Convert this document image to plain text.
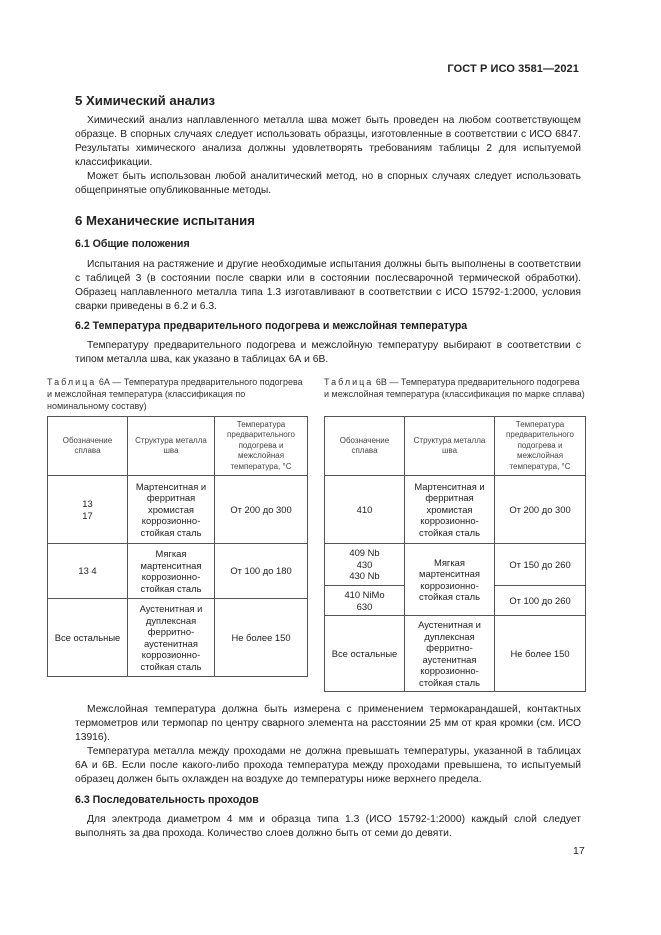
ГОСТ Р ИСО 3581—2021
5 Химический анализ
Химический анализ наплавленного металла шва может быть проведен на любом соответствующем образце. В спорных случаях следует использовать образцы, изготовленные в соответствии с ИСО 6847. Результаты химического анализа должны удовлетворять требованиям таблицы 2 для испытуемой классификации.
Может быть использован любой аналитический метод, но в спорных случаях следует использовать общепринятые опубликованные методы.
6 Механические испытания
6.1 Общие положения
Испытания на растяжение и другие необходимые испытания должны быть выполнены в соответствии с таблицей 3 (в состоянии после сварки или в состоянии послесварочной термической обработки). Образец наплавленного металла типа 1.3 изготавливают в соответствии с ИСО 15792-1:2000, условия сварки приведены в 6.2 и 6.3.
6.2 Температура предварительного подогрева и межслойная температура
Температуру предварительного подогрева и межслойную температуру выбирают в соответствии с типом металла шва, как указано в таблицах 6А и 6В.
Таблица 6А — Температура предварительного подогрева и межслойная температура (классификация по номинальному составу)
Таблица 6В — Температура предварительного подогрева и межслойная температура (классификация по марке сплава)
Обозначение сплава	Структура металла шва	Температура предварительного подогрева и межслойная температура, °С
13
17	Мартенситная и ферритная хромистая коррозионно-стойкая сталь	От 200 до 300
13 4	Мягкая мартенситная коррозионно-стойкая сталь	От 100 до 180
Все остальные	Аустенитная и дуплексная ферритно-аустенитная коррозионно-стойкая сталь	Не более 150
Обозначение сплава	Структура металла шва	Температура предварительного подогрева и межслойная температура, °С
410	Мартенситная и ферритная хромистая коррозионно-стойкая сталь	От 200 до 300
409 Nb
430
430 Nb	Мягкая мартенситная коррозионно-стойкая сталь	От 150 до 260
410 NiMo
630		От 100 до 260
Все остальные	Аустенитная и дуплексная ферритно-аустенитная коррозионно-стойкая сталь	Не более 150
Межслойная температура должна быть измерена с применением термокарандашей, контактных термометров или термопар по центру сварного элемента на расстоянии 25 мм от края кромки (см. ИСО 13916).
Температура металла между проходами не должна превышать температуры, указанной в таблицах 6А и 6В. Если после какого-либо прохода температура между проходами превышена, то испытуемый образец должен быть охлажден на воздухе до температуры ниже верхнего предела.
6.3 Последовательность проходов
Для электрода диаметром 4 мм и образца типа 1.3 (ИСО 15792-1:2000) каждый слой следует выполнять за два прохода. Количество слоев должно быть от семи до девяти.
17
